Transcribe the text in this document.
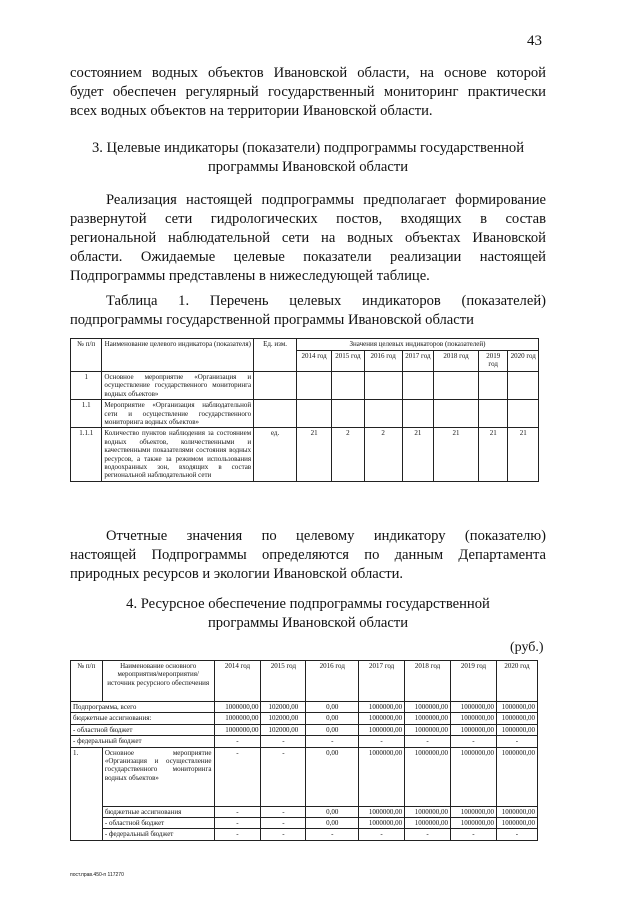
43
состоянием водных объектов Ивановской области, на основе которой
будет обеспечен регулярный государственный мониторинг практически
всех водных объектов на территории Ивановской области.
3. Целевые индикаторы (показатели) подпрограммы государственной
программы Ивановской области
Реализация настоящей подпрограммы предполагает формирование
развернутой сети гидрологических постов, входящих в состав
региональной наблюдательной сети на водных объектах Ивановской
области. Ожидаемые целевые показатели реализации настоящей
Подпрограммы представлены в нижеследующей таблице.
Таблица 1. Перечень целевых индикаторов (показателей)
подпрограммы государственной программы Ивановской области
№ п/п	Наименование целевого индикатора (показателя)	Ед. изм.	Значения целевых индикаторов (показателей)						
			2014 год	2015 год	2016 год	2017 год	2018 год	2019 год	2020 год
1	Основное мероприятие «Организация и осуществление государственного мониторинга водных объектов»								
1.1	Мероприятие «Организация наблюдательной сети и осуществление государственного мониторинга водных объектов»								
1.1.1	Количество пунктов наблюдения за состоянием водных объектов, количественными и качественными показателями состояния водных ресурсов, а также за режимом использования водоохранных зон, входящих в состав региональной наблюдательной сети	ед.	21	2	2	21	21	21	21
Отчетные значения по целевому индикатору (показателю)
настоящей Подпрограммы определяются по данным Департамента
природных ресурсов и экологии Ивановской области.
4. Ресурсное обеспечение подпрограммы государственной
программы Ивановской области
(руб.)
№ п/п	Наименование основного мероприятия/мероприятия/ источник ресурсного обеспечения	2014 год	2015 год	2016 год	2017 год	2018 год	2019 год	2020 год
Подпрограмма, всего		1000000,00	102000,00	0,00	1000000,00	1000000,00	1000000,00	1000000,00
бюджетные ассигнования:		1000000,00	102000,00	0,00	1000000,00	1000000,00	1000000,00	1000000,00
- областной бюджет		1000000,00	102000,00	0,00	1000000,00	1000000,00	1000000,00	1000000,00
- федеральный бюджет		-	-	-	-	-	-	-
1.	Основное мероприятие «Организация и осуществление государственного мониторинга водных объектов»	-	-	0,00	1000000,00	1000000,00	1000000,00	1000000,00
	бюджетные ассигнования	-	-	0,00	1000000,00	1000000,00	1000000,00	1000000,00
	- областной бюджет	-	-	0,00	1000000,00	1000000,00	1000000,00	1000000,00
	- федеральный бюджет	-	-	-	-	-	-	-
пост.прав.450-п 117270
